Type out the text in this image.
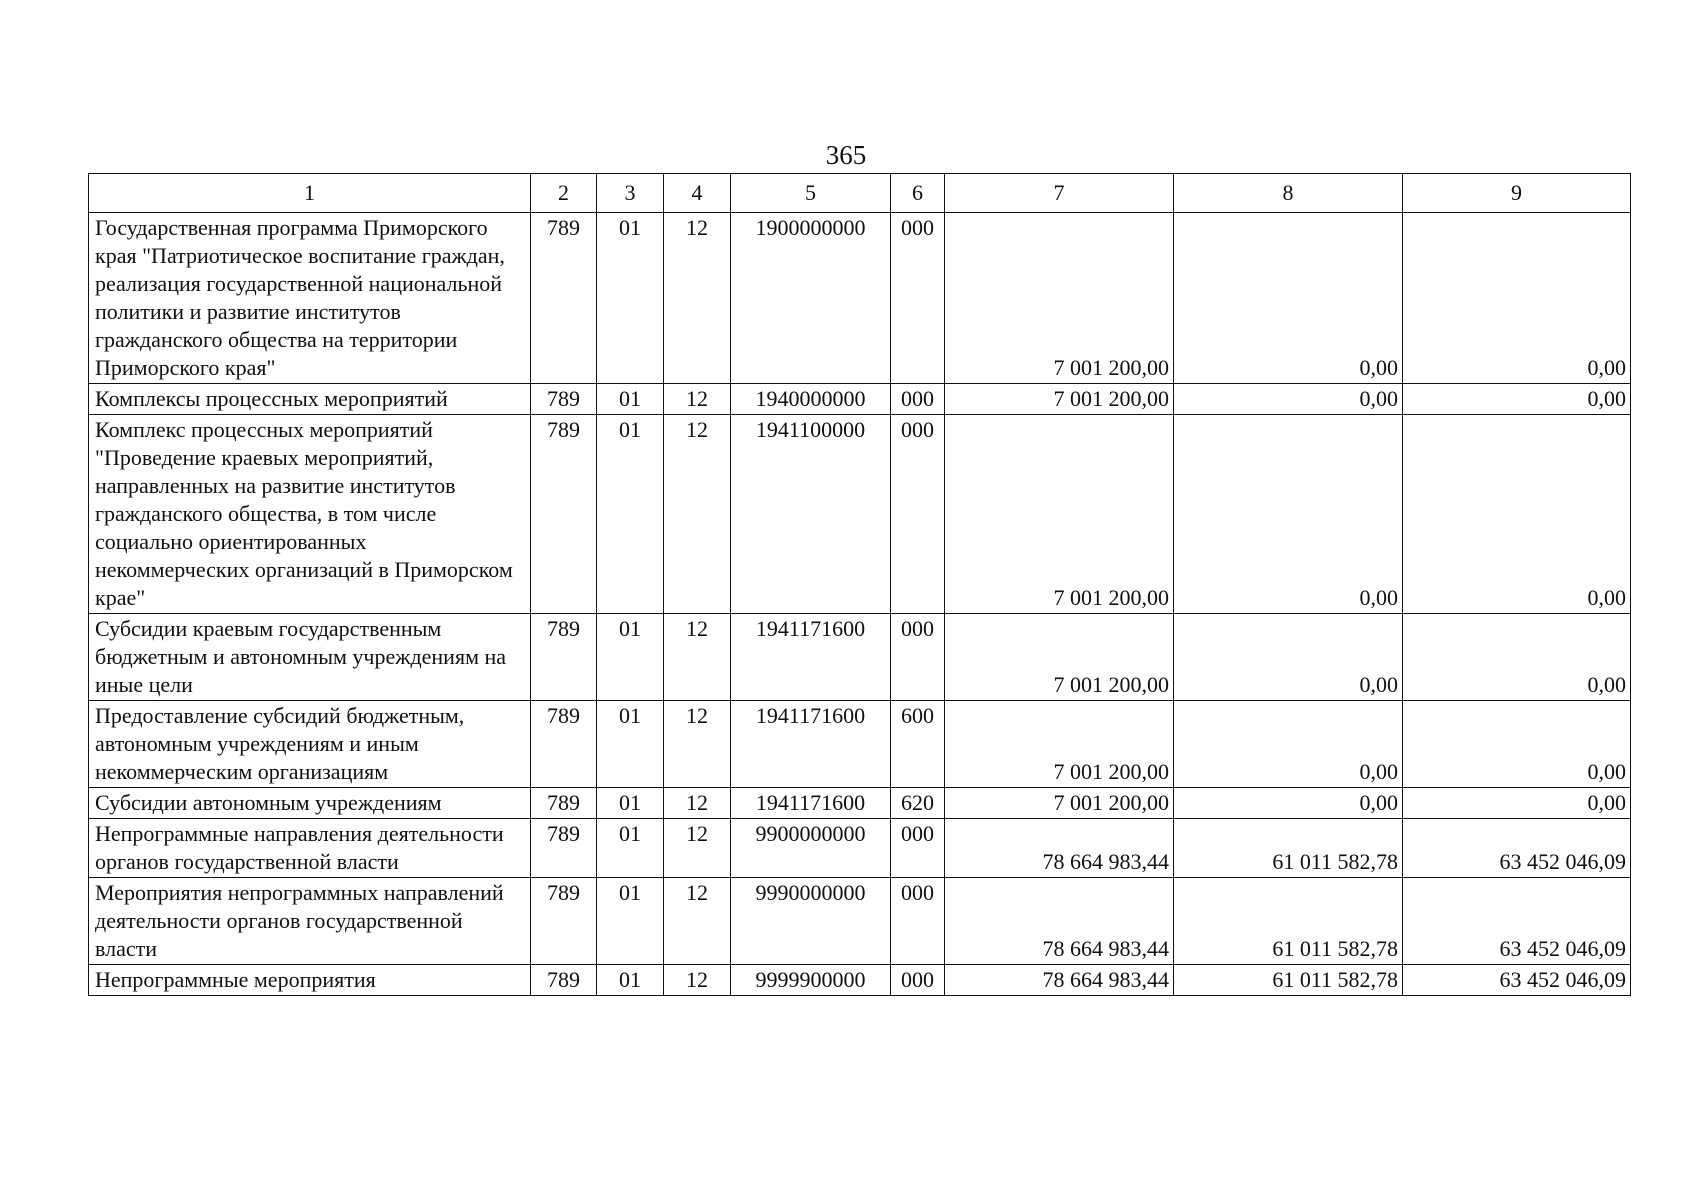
365
1	2	3	4	5	6	7	8	9
Государственная программа Приморского края "Патриотическое воспитание граждан, реализация государственной национальной политики и развитие институтов гражданского общества на территории Приморского края"	789	01	12	1900000000	000	7 001 200,00	0,00	0,00
Комплексы процессных мероприятий	789	01	12	1940000000	000	7 001 200,00	0,00	0,00
Комплекс процессных мероприятий "Проведение краевых мероприятий, направленных на развитие институтов гражданского общества, в том числе социально ориентированных некоммерческих организаций в Приморском крае"	789	01	12	1941100000	000	7 001 200,00	0,00	0,00
Субсидии краевым государственным бюджетным и автономным учреждениям на иные цели	789	01	12	1941171600	000	7 001 200,00	0,00	0,00
Предоставление субсидий бюджетным, автономным учреждениям и иным некоммерческим организациям	789	01	12	1941171600	600	7 001 200,00	0,00	0,00
Субсидии автономным учреждениям	789	01	12	1941171600	620	7 001 200,00	0,00	0,00
Непрограммные направления деятельности органов государственной власти	789	01	12	9900000000	000	78 664 983,44	61 011 582,78	63 452 046,09
Мероприятия непрограммных направлений деятельности органов государственной власти	789	01	12	9990000000	000	78 664 983,44	61 011 582,78	63 452 046,09
Непрограммные мероприятия	789	01	12	9999900000	000	78 664 983,44	61 011 582,78	63 452 046,09
